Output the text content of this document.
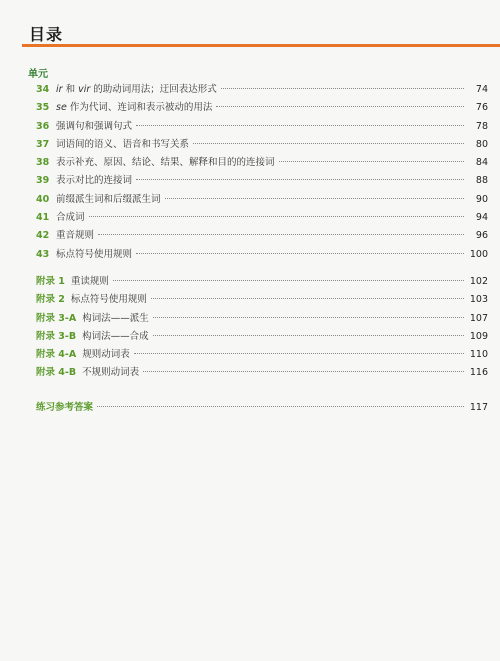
目录
单元
34 ir 和 vir 的助动词用法；迂回表达形式	74
35 se 作为代词、连词和表示被动的用法	76
36 强调句和强调句式	78
37 词语间的语义、语音和书写关系	80
38 表示补充、原因、结论、结果、解释和目的的连接词	84
39 表示对比的连接词	88
40 前缀派生词和后缀派生词	90
41 合成词	94
42 重音规则	96
43 标点符号使用规则	100
附录 1 重读规则	102
附录 2 标点符号使用规则	103
附录 3-A 构词法——派生	107
附录 3-B 构词法——合成	109
附录 4-A 规则动词表	110
附录 4-B 不规则动词表	116
练习参考答案	117
